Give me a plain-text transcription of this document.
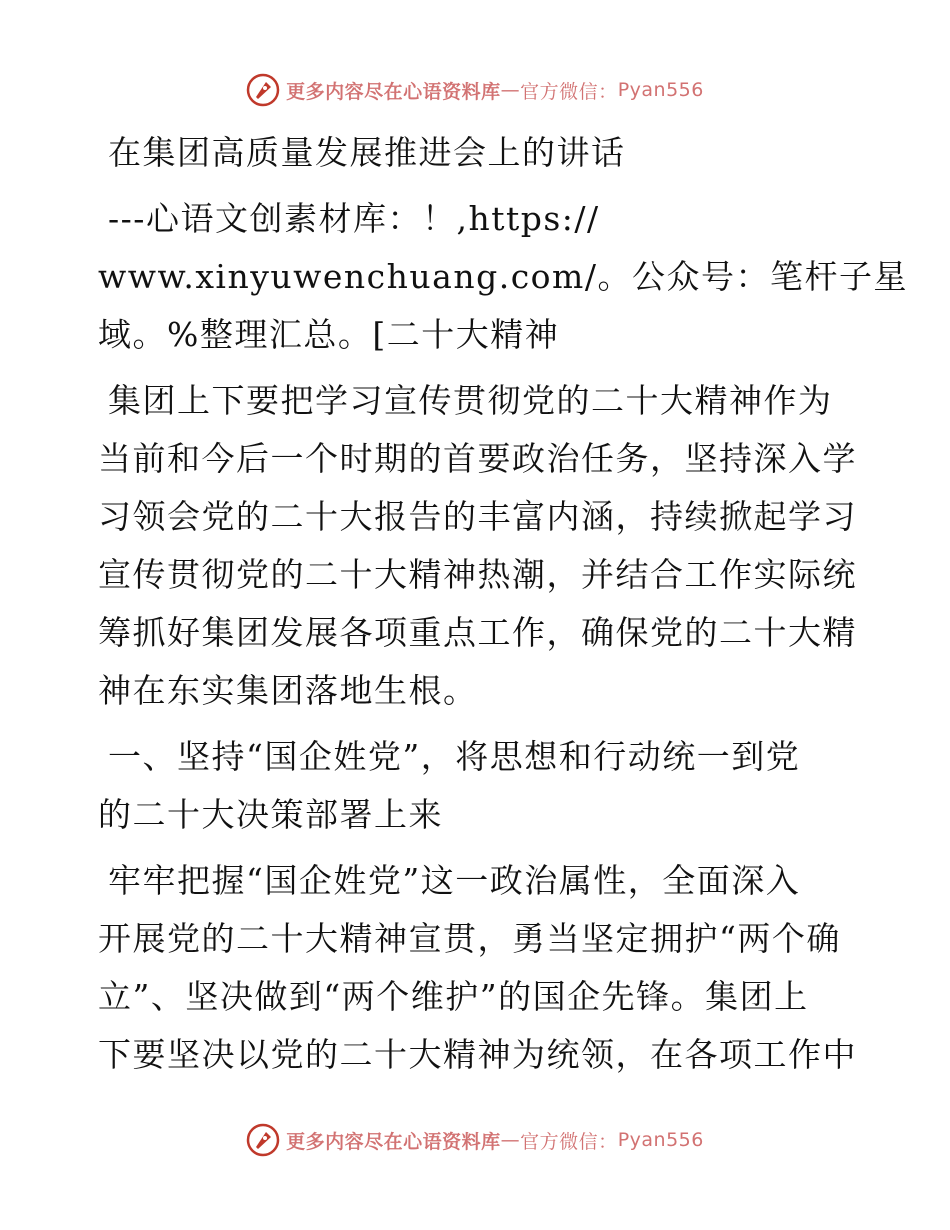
更多内容尽在心语资料库 — 官方微信： Pyan556
在集团高质量发展推进会上的讲话
---心语文创素材库：！,https://
www.xinyuwenchuang.com/。公众号：笔杆子星
域。%整理汇总。[二十大精神
集团上下要把学习宣传贯彻党的二十大精神作为
当前和今后一个时期的首要政治任务，坚持深入学
习领会党的二十大报告的丰富内涵，持续掀起学习
宣传贯彻党的二十大精神热潮，并结合工作实际统
筹抓好集团发展各项重点工作，确保党的二十大精
神在东实集团落地生根。
一、坚持“国企姓党”，将思想和行动统一到党
的二十大决策部署上来
牢牢把握“国企姓党”这一政治属性，全面深入
开展党的二十大精神宣贯，勇当坚定拥护“两个确
立”、坚决做到“两个维护”的国企先锋。集团上
下要坚决以党的二十大精神为统领，在各项工作中
更多内容尽在心语资料库 — 官方微信： Pyan556
